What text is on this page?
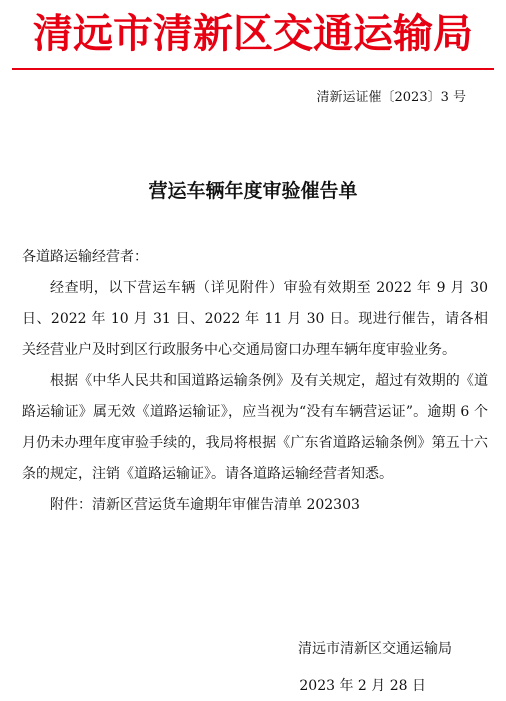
清远市清新区交通运输局
清新运证催〔2023〕3 号
营运车辆年度审验催告单

各道路运输经营者：

经查明，以下营运车辆（详见附件）审验有效期至 2022 年 9 月 30 日、2022 年 10 月 31 日、2022 年 11 月 30 日。现进行催告，请各相关经营业户及时到区行政服务中心交通局窗口办理车辆年度审验业务。

根据《中华人民共和国道路运输条例》及有关规定，超过有效期的《道路运输证》属无效《道路运输证》，应当视为“没有车辆营运证”。逾期 6 个月仍未办理年度审验手续的，我局将根据《广东省道路运输条例》第五十六条的规定，注销《道路运输证》。请各道路运输经营者知悉。

附件：清新区营运货车逾期年审催告清单 202303

清远市清新区交通运输局
2023 年 2 月 28 日
